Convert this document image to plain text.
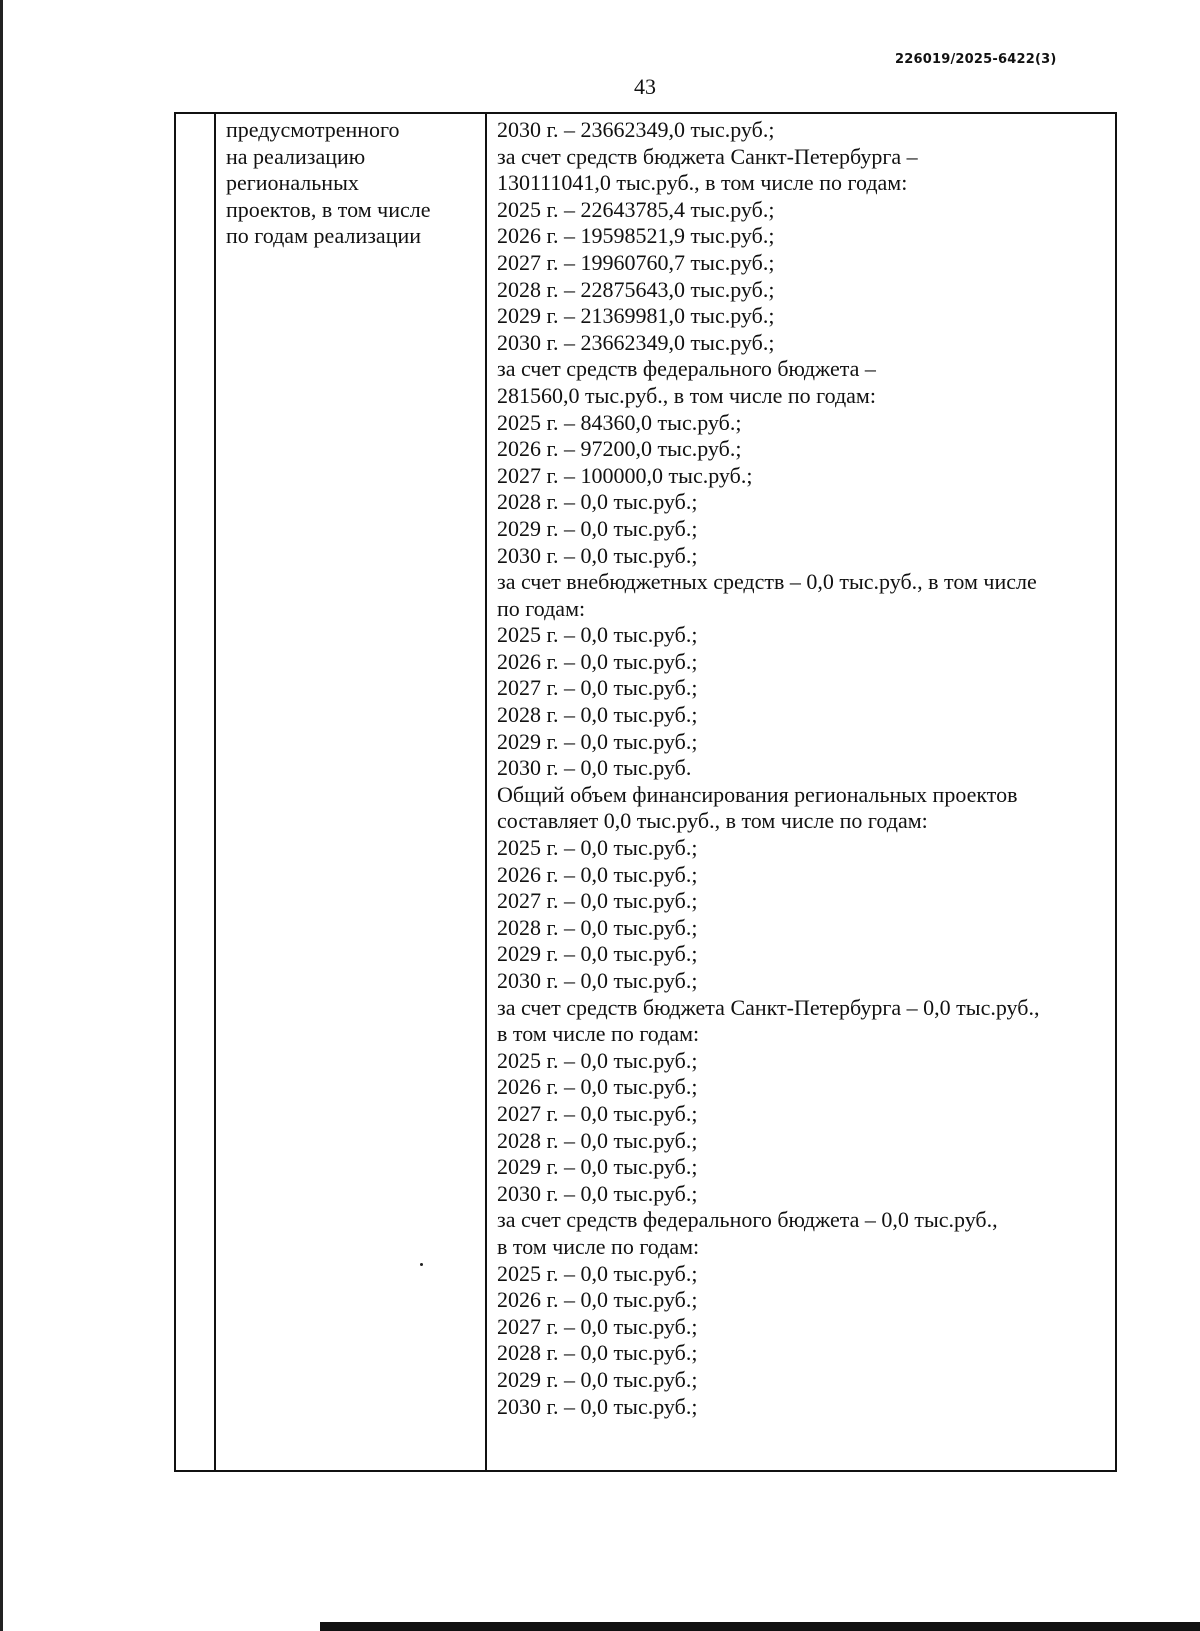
226019/2025-6422(3)
43
предусмотренного
на реализацию
региональных
проектов, в том числе
по годам реализации
2030 г. – 23662349,0 тыс.руб.;
за счет средств бюджета Санкт-Петербурга –
130111041,0 тыс.руб., в том числе по годам:
2025 г. – 22643785,4 тыс.руб.;
2026 г. – 19598521,9 тыс.руб.;
2027 г. – 19960760,7 тыс.руб.;
2028 г. – 22875643,0 тыс.руб.;
2029 г. – 21369981,0 тыс.руб.;
2030 г. – 23662349,0 тыс.руб.;
за счет средств федерального бюджета –
281560,0 тыс.руб., в том числе по годам:
2025 г. – 84360,0 тыс.руб.;
2026 г. – 97200,0 тыс.руб.;
2027 г. – 100000,0 тыс.руб.;
2028 г. – 0,0 тыс.руб.;
2029 г. – 0,0 тыс.руб.;
2030 г. – 0,0 тыс.руб.;
за счет внебюджетных средств – 0,0 тыс.руб., в том числе
по годам:
2025 г. – 0,0 тыс.руб.;
2026 г. – 0,0 тыс.руб.;
2027 г. – 0,0 тыс.руб.;
2028 г. – 0,0 тыс.руб.;
2029 г. – 0,0 тыс.руб.;
2030 г. – 0,0 тыс.руб.
Общий объем финансирования региональных проектов
составляет 0,0 тыс.руб., в том числе по годам:
2025 г. – 0,0 тыс.руб.;
2026 г. – 0,0 тыс.руб.;
2027 г. – 0,0 тыс.руб.;
2028 г. – 0,0 тыс.руб.;
2029 г. – 0,0 тыс.руб.;
2030 г. – 0,0 тыс.руб.;
за счет средств бюджета Санкт-Петербурга – 0,0 тыс.руб.,
в том числе по годам:
2025 г. – 0,0 тыс.руб.;
2026 г. – 0,0 тыс.руб.;
2027 г. – 0,0 тыс.руб.;
2028 г. – 0,0 тыс.руб.;
2029 г. – 0,0 тыс.руб.;
2030 г. – 0,0 тыс.руб.;
за счет средств федерального бюджета – 0,0 тыс.руб.,
в том числе по годам:
2025 г. – 0,0 тыс.руб.;
2026 г. – 0,0 тыс.руб.;
2027 г. – 0,0 тыс.руб.;
2028 г. – 0,0 тыс.руб.;
2029 г. – 0,0 тыс.руб.;
2030 г. – 0,0 тыс.руб.;
